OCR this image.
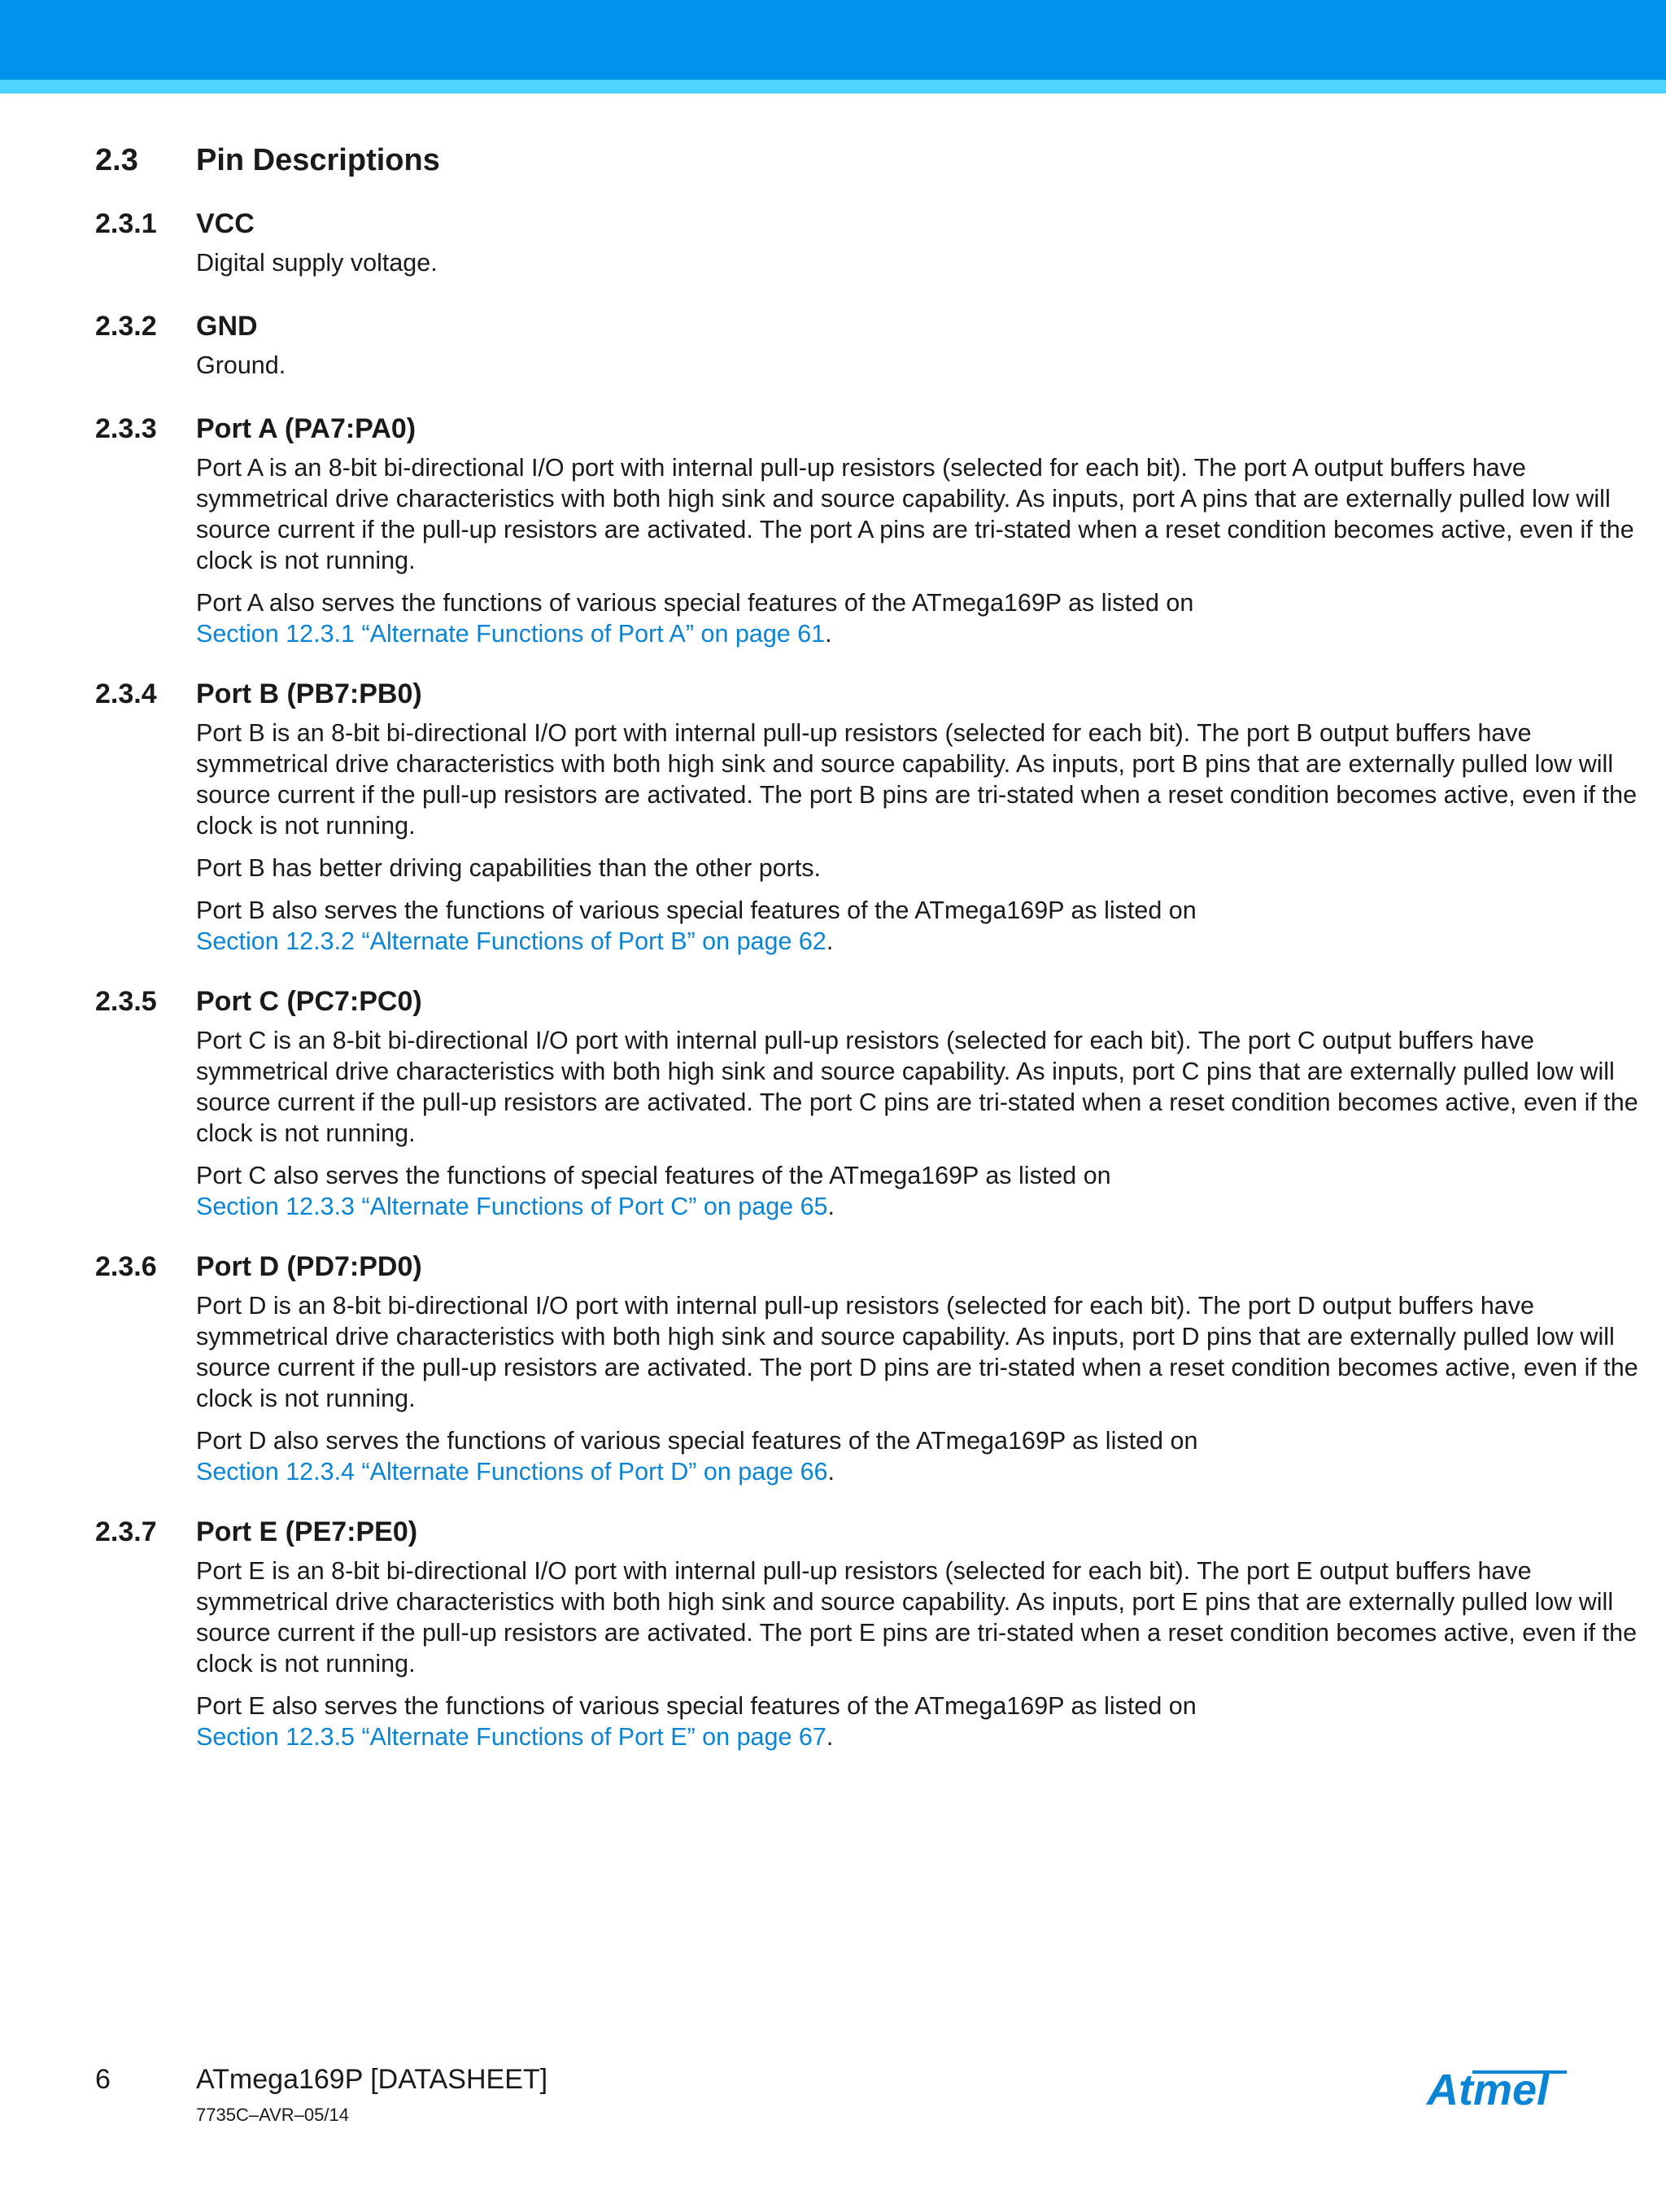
2.3	Pin Descriptions
2.3.1	VCC

Digital supply voltage.

2.3.2	GND

Ground.

2.3.3	Port A (PA7:PA0)

Port A is an 8-bit bi-directional I/O port with internal pull-up resistors (selected for each bit). The port A output buffers have symmetrical drive characteristics with both high sink and source capability. As inputs, port A pins that are externally pulled low will source current if the pull-up resistors are activated. The port A pins are tri-stated when a reset condition becomes active, even if the clock is not running.

Port A also serves the functions of various special features of the ATmega169P as listed on
Section 12.3.1 “Alternate Functions of Port A” on page 61.

2.3.4	Port B (PB7:PB0)

Port B is an 8-bit bi-directional I/O port with internal pull-up resistors (selected for each bit). The port B output buffers have symmetrical drive characteristics with both high sink and source capability. As inputs, port B pins that are externally pulled low will source current if the pull-up resistors are activated. The port B pins are tri-stated when a reset condition becomes active, even if the clock is not running.

Port B has better driving capabilities than the other ports.

Port B also serves the functions of various special features of the ATmega169P as listed on
Section 12.3.2 “Alternate Functions of Port B” on page 62.

2.3.5	Port C (PC7:PC0)

Port C is an 8-bit bi-directional I/O port with internal pull-up resistors (selected for each bit). The port C output buffers have symmetrical drive characteristics with both high sink and source capability. As inputs, port C pins that are externally pulled low will source current if the pull-up resistors are activated. The port C pins are tri-stated when a reset condition becomes active, even if the clock is not running.

Port C also serves the functions of special features of the ATmega169P as listed on
Section 12.3.3 “Alternate Functions of Port C” on page 65.

2.3.6	Port D (PD7:PD0)

Port D is an 8-bit bi-directional I/O port with internal pull-up resistors (selected for each bit). The port D output buffers have symmetrical drive characteristics with both high sink and source capability. As inputs, port D pins that are externally pulled low will source current if the pull-up resistors are activated. The port D pins are tri-stated when a reset condition becomes active, even if the clock is not running.

Port D also serves the functions of various special features of the ATmega169P as listed on
Section 12.3.4 “Alternate Functions of Port D” on page 66.

2.3.7	Port E (PE7:PE0)

Port E is an 8-bit bi-directional I/O port with internal pull-up resistors (selected for each bit). The port E output buffers have symmetrical drive characteristics with both high sink and source capability. As inputs, port E pins that are externally pulled low will source current if the pull-up resistors are activated. The port E pins are tri-stated when a reset condition becomes active, even if the clock is not running.

Port E also serves the functions of various special features of the ATmega169P as listed on
Section 12.3.5 “Alternate Functions of Port E” on page 67.

6	ATmega169P [DATASHEET]
7735C–AVR–05/14
Atmel
